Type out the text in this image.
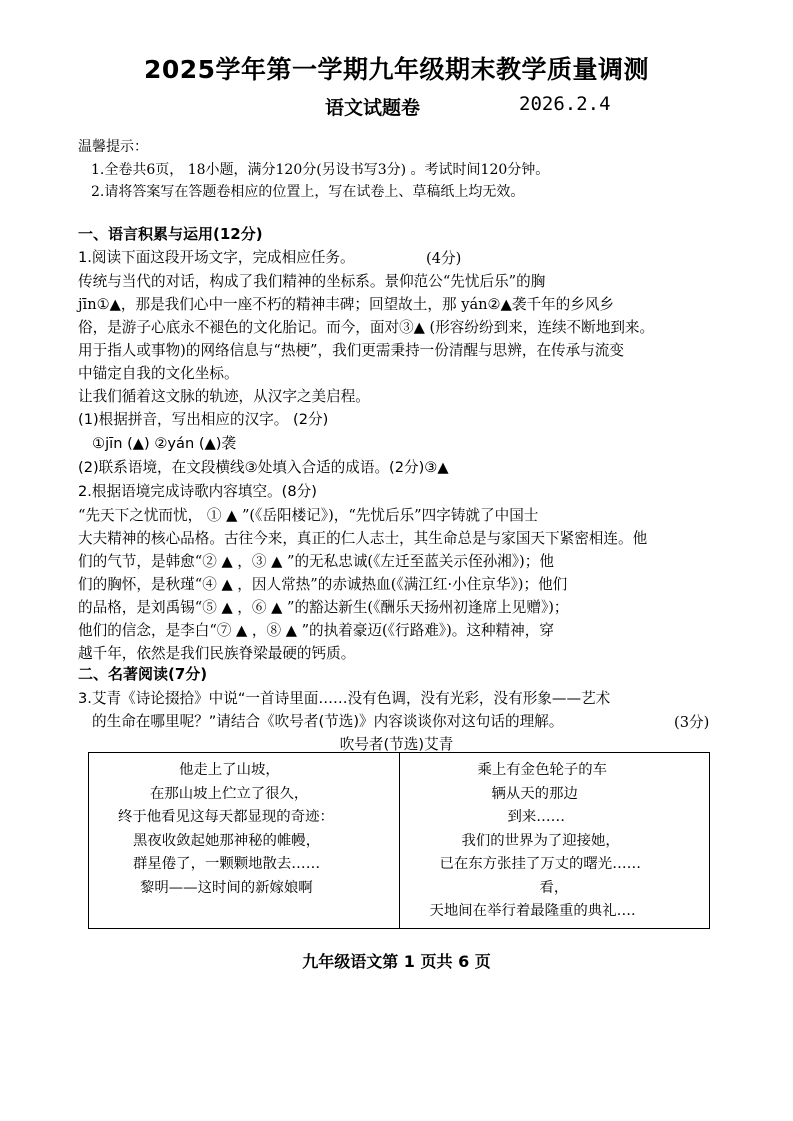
2025学年第一学期九年级期末教学质量调测
语文试题卷	2026.2.4
温馨提示：
1.全卷共6页， 18小题，满分120分(另设书写3分) 。考试时间120分钟。
2.请将答案写在答题卷相应的位置上，写在试卷上、草稿纸上均无效。
一、语言积累与运用(12分)
1.阅读下面这段开场文字，完成相应任务。	(4分)
传统与当代的对话，构成了我们精神的坐标系。景仰范公“先忧后乐”的胸
jīn①▲，那是我们心中一座不朽的精神丰碑；回望故土，那 yán②▲袭千年的乡风乡
俗，是游子心底永不褪色的文化胎记。而今，面对③▲ (形容纷纷到来，连续不断地到来。
用于指人或事物)的网络信息与“热梗”，我们更需秉持一份清醒与思辨，在传承与流变
中锚定自我的文化坐标。
让我们循着这文脉的轨迹，从汉字之美启程。
(1)根据拼音，写出相应的汉字。 (2分)
①jīn (▲) ②yán (▲)袭
(2)联系语境，在文段横线③处填入合适的成语。(2分)③▲
2.根据语境完成诗歌内容填空。(8分)
“先天下之忧而忧， ① ▲ ”(《岳阳楼记》)，“先忧后乐”四字铸就了中国士
大夫精神的核心品格。古往今来，真正的仁人志士，其生命总是与家国天下紧密相连。他
们的气节，是韩愈“② ▲ ，③ ▲ ”的无私忠诚(《左迁至蓝关示侄孙湘》)；他
们的胸怀，是秋瑾“④ ▲ ，因人常热”的赤诚热血(《满江红·小住京华》)；他们
的品格，是刘禹锡“⑤ ▲ ，⑥ ▲ ”的豁达新生(《酬乐天扬州初逢席上见赠》)；
他们的信念，是李白“⑦ ▲ ，⑧ ▲ ”的执着豪迈(《行路难》)。这种精神，穿
越千年，依然是我们民族脊梁最硬的钙质。
二、名著阅读(7分)
3.艾青《诗论掇拾》中说“一首诗里面……没有色调，没有光彩，没有形象——艺术
的生命在哪里呢？”请结合《吹号者(节选)》内容谈谈你对这句话的理解。	(3分)
吹号者(节选)艾青
他走上了山坡，
在那山坡上伫立了很久，
终于他看见这每天都显现的奇迹：
黑夜收敛起她那神秘的帷幔，
群星倦了，一颗颗地散去……
黎明——这时间的新嫁娘啊

乘上有金色轮子的车
辆从天的那边
到来……
我们的世界为了迎接她，
已在东方张挂了万丈的曙光……
看，
天地间在举行着最隆重的典礼….
九年级语文第 1 页共 6 页
